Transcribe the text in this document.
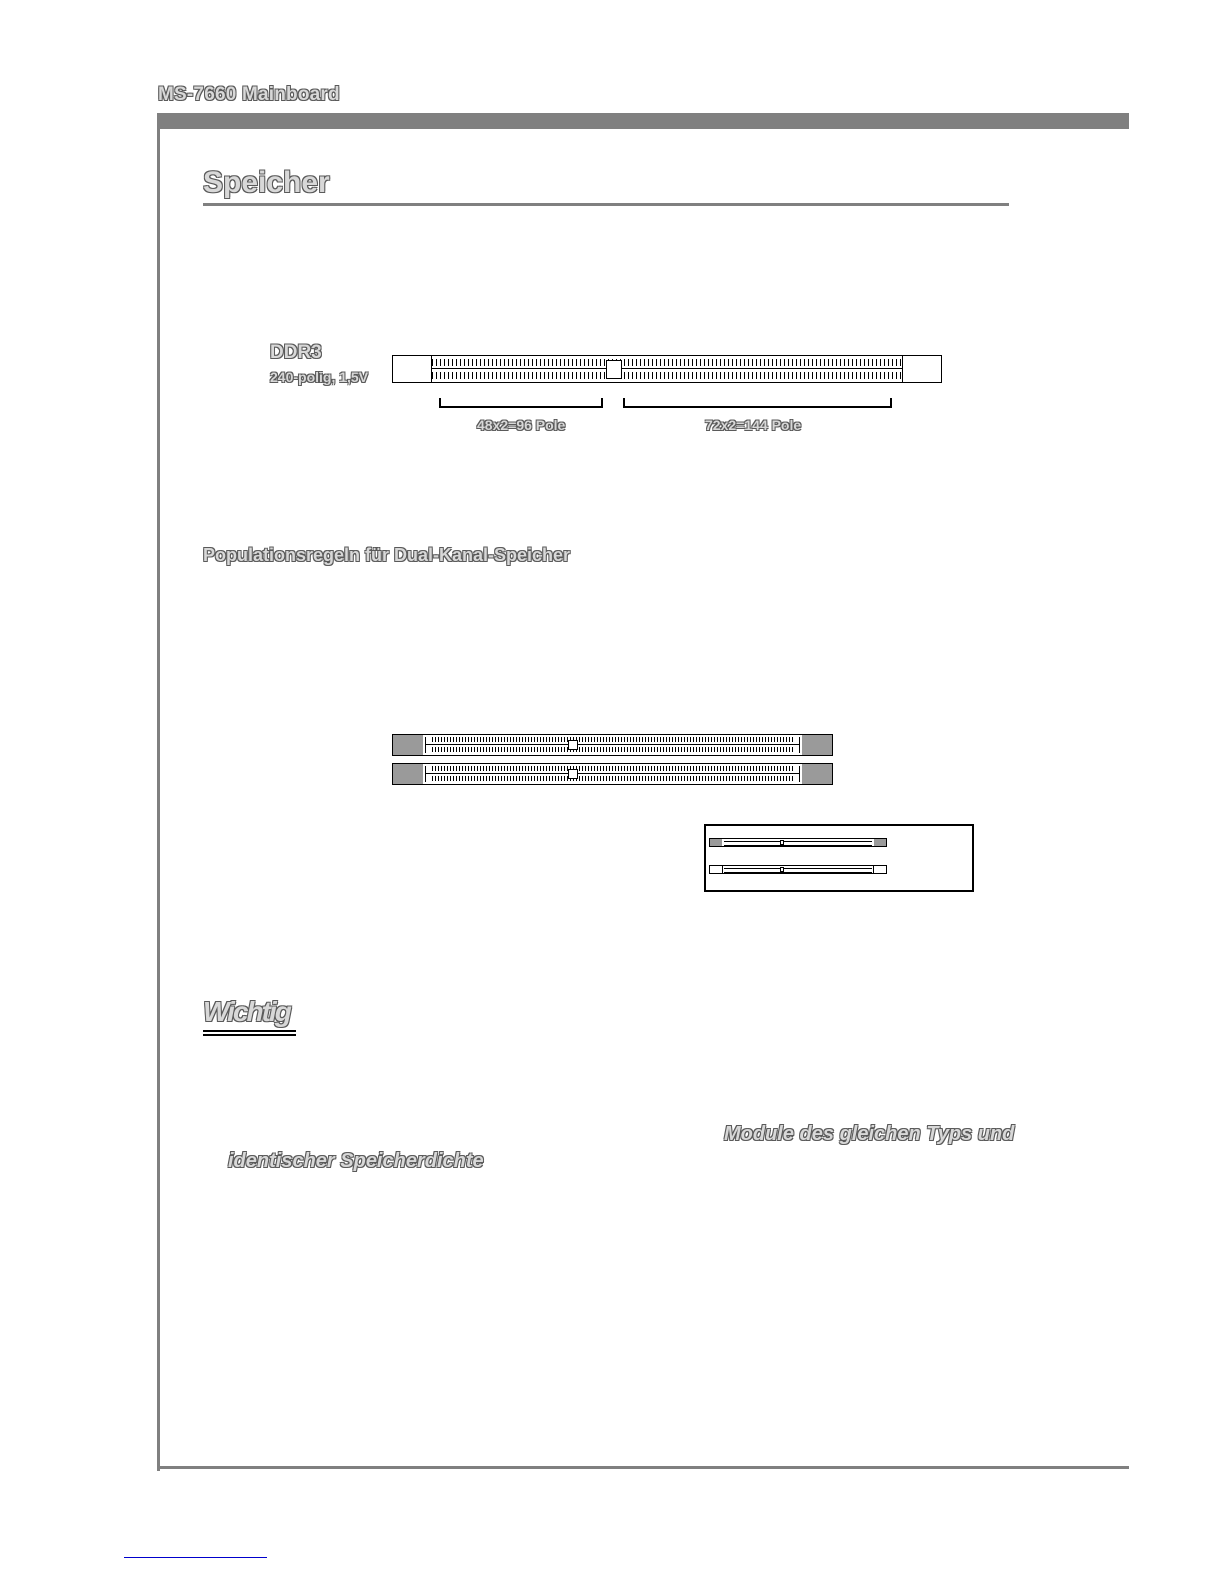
MS-7660 Mainboard
Speicher
DDR3
240-polig, 1,5V
48x2=96 Pole	72x2=144 Pole
Populationsregeln für Dual-Kanal-Speicher
Wichtig
Module des gleichen Typs und
identischer Speicherdichte
